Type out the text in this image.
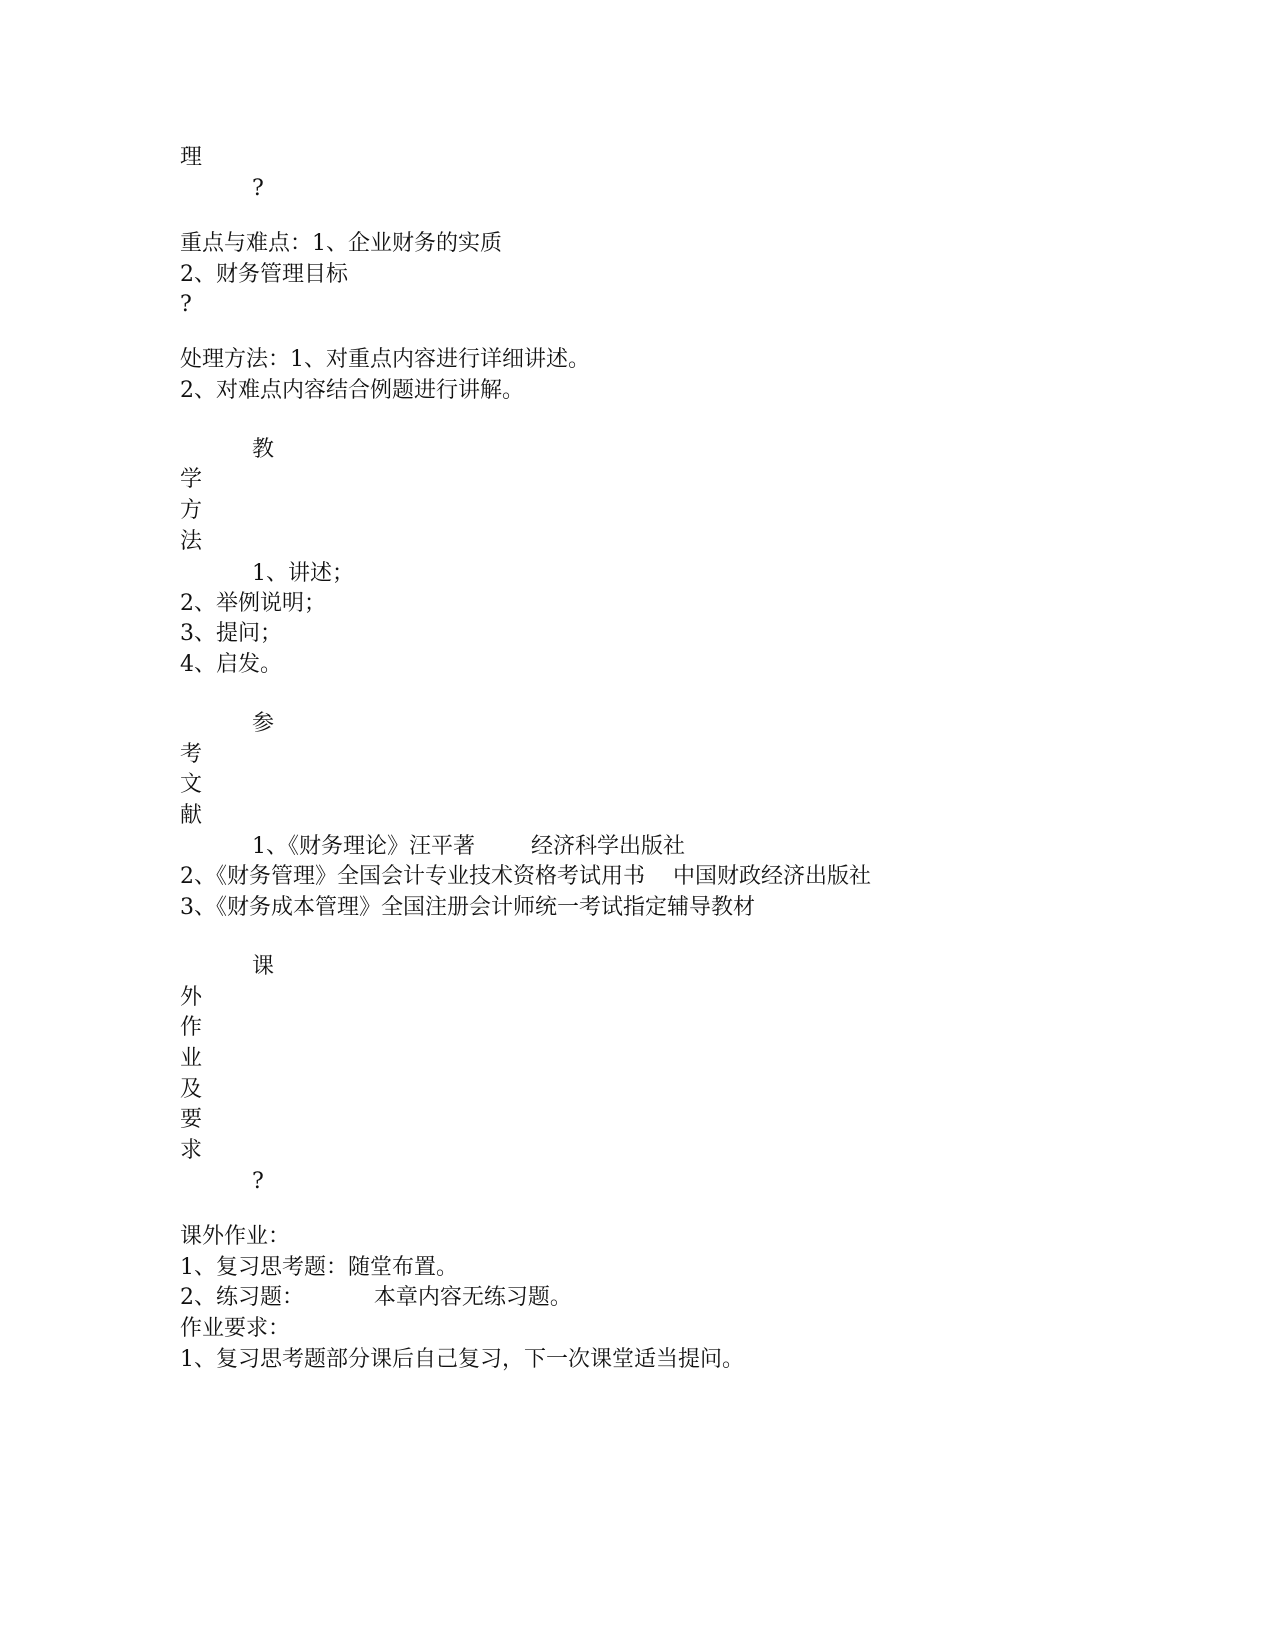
理
?
重点与难点：1、企业财务的实质
2、财务管理目标
?
处理方法：1、对重点内容进行详细讲述。
2、对难点内容结合例题进行讲解。
教
学
方
法
1、讲述；
2、举例说明；
3、提问；
4、启发。
参
考
文
献
1、《财务理论》汪平著        经济科学出版社
2、《财务管理》全国会计专业技术资格考试用书    中国财政经济出版社
3、《财务成本管理》全国注册会计师统一考试指定辅导教材
课
外
作
业
及
要
求
?
课外作业：
1、复习思考题：随堂布置。
2、练习题：          本章内容无练习题。
作业要求：
1、复习思考题部分课后自己复习，下一次课堂适当提问。
